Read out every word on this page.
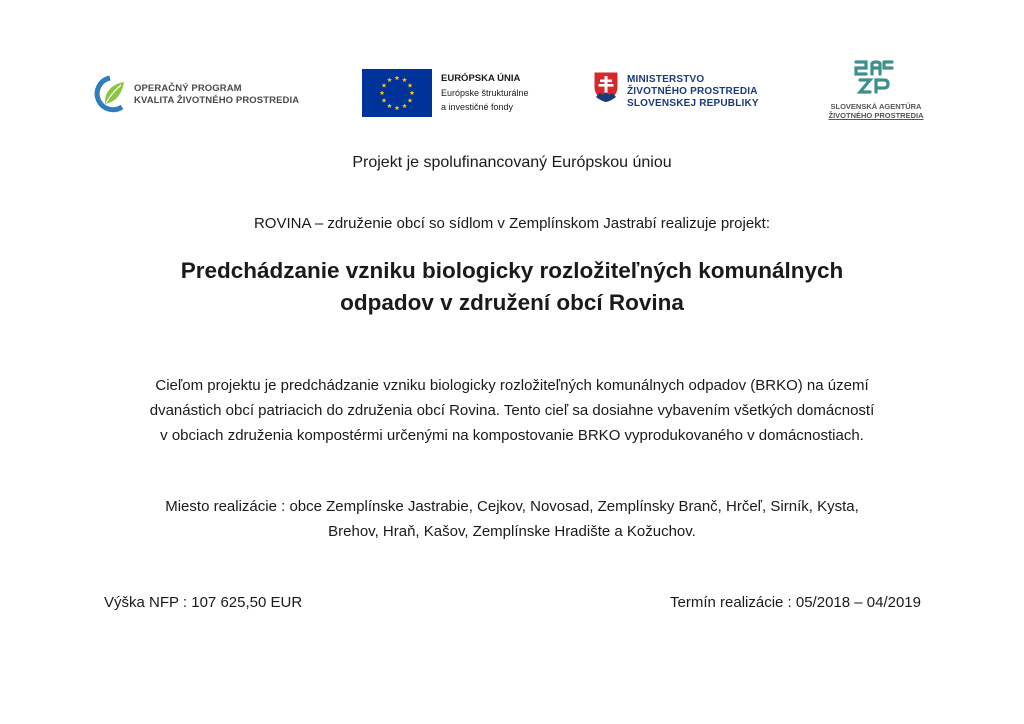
OPERAČNÝ PROGRAM
KVALITA ŽIVOTNÉHO PROSTREDIA
EURÓPSKA ÚNIA
Európske štrukturálne
a investičné fondy
MINISTERSTVO
ŽIVOTNÉHO PROSTREDIA
SLOVENSKEJ REPUBLIKY	SLOVENSKÁ AGENTÚRA
ŽIVOTNÉHO PROSTREDIA
Projekt je spolufinancovaný Európskou úniou
ROVINA – združenie obcí so sídlom v Zemplínskom Jastrabí realizuje projekt:
Predchádzanie vzniku biologicky rozložiteľných komunálnych
odpadov v združení obcí Rovina
Cieľom projektu je predchádzanie vzniku biologicky rozložiteľných komunálnych odpadov (BRKO) na území
dvanástich obcí patriacich do združenia obcí Rovina. Tento cieľ sa dosiahne vybavením všetkých domácností
v obciach združenia kompostérmi určenými na kompostovanie BRKO vyprodukovaného v domácnostiach.
Miesto realizácie : obce Zemplínske Jastrabie, Cejkov, Novosad, Zemplínsky Branč, Hrčeľ, Sirník, Kysta,
Brehov, Hraň, Kašov, Zemplínske Hradište a Kožuchov.
Výška NFP : 107 625,50 EUR	Termín realizácie : 05/2018 – 04/2019
